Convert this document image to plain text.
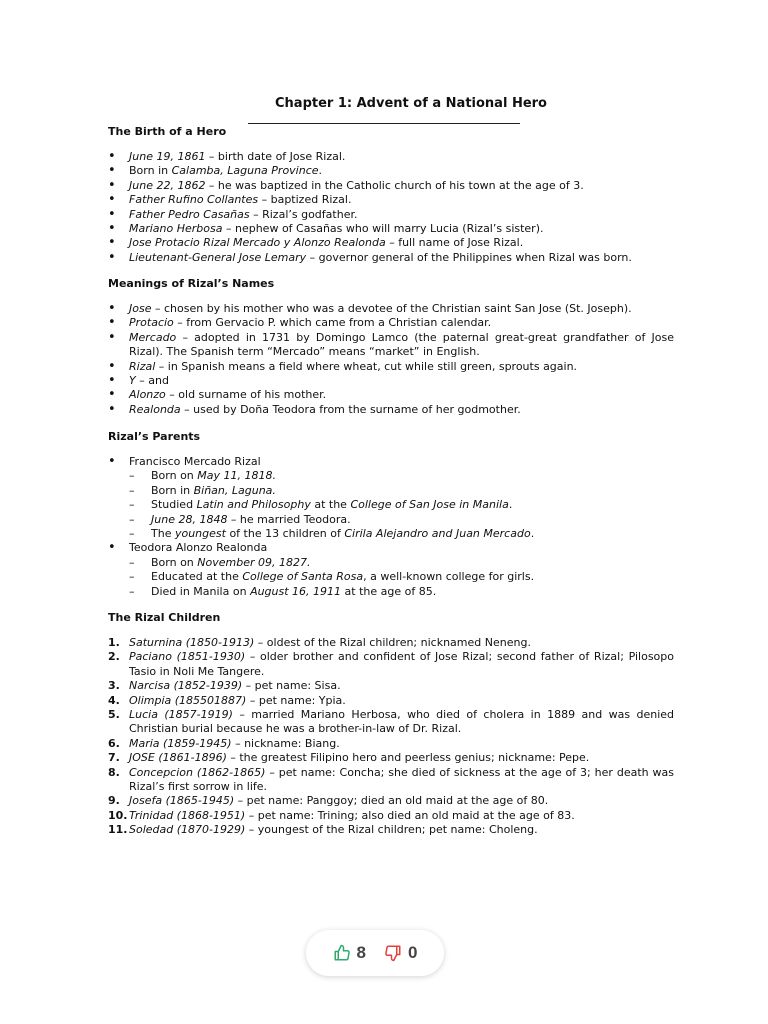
Chapter 1: Advent of a National Hero
The Birth of a Hero
• June 19, 1861 – birth date of Jose Rizal.
• Born in Calamba, Laguna Province.
• June 22, 1862 – he was baptized in the Catholic church of his town at the age of 3.
• Father Rufino Collantes – baptized Rizal.
• Father Pedro Casañas – Rizal’s godfather.
• Mariano Herbosa – nephew of Casañas who will marry Lucia (Rizal’s sister).
• Jose Protacio Rizal Mercado y Alonzo Realonda – full name of Jose Rizal.
• Lieutenant-General Jose Lemary – governor general of the Philippines when Rizal was born.
Meanings of Rizal’s Names
• Jose – chosen by his mother who was a devotee of the Christian saint San Jose (St. Joseph).
• Protacio – from Gervacio P. which came from a Christian calendar.
• Mercado – adopted in 1731 by Domingo Lamco (the paternal great-great grandfather of Jose Rizal). The Spanish term “Mercado” means “market” in English.
• Rizal – in Spanish means a field where wheat, cut while still green, sprouts again.
• Y – and
• Alonzo – old surname of his mother.
• Realonda – used by Doña Teodora from the surname of her godmother.
Rizal’s Parents
• Francisco Mercado Rizal
– Born on May 11, 1818.
– Born in Biñan, Laguna.
– Studied Latin and Philosophy at the College of San Jose in Manila.
– June 28, 1848 – he married Teodora.
– The youngest of the 13 children of Cirila Alejandro and Juan Mercado.
• Teodora Alonzo Realonda
– Born on November 09, 1827.
– Educated at the College of Santa Rosa, a well-known college for girls.
– Died in Manila on August 16, 1911 at the age of 85.
The Rizal Children
1. Saturnina (1850-1913) – oldest of the Rizal children; nicknamed Neneng.
2. Paciano (1851-1930) – older brother and confident of Jose Rizal; second father of Rizal; Pilosopo Tasio in Noli Me Tangere.
3. Narcisa (1852-1939) – pet name: Sisa.
4. Olimpia (185501887) – pet name: Ypia.
5. Lucia (1857-1919) – married Mariano Herbosa, who died of cholera in 1889 and was denied Christian burial because he was a brother-in-law of Dr. Rizal.
6. Maria (1859-1945) – nickname: Biang.
7. JOSE (1861-1896) – the greatest Filipino hero and peerless genius; nickname: Pepe.
8. Concepcion (1862-1865) – pet name: Concha; she died of sickness at the age of 3; her death was Rizal’s first sorrow in life.
9. Josefa (1865-1945) – pet name: Panggoy; died an old maid at the age of 80.
10. Trinidad (1868-1951) – pet name: Trining; also died an old maid at the age of 83.
11. Soledad (1870-1929) – youngest of the Rizal children; pet name: Choleng.
8 0
